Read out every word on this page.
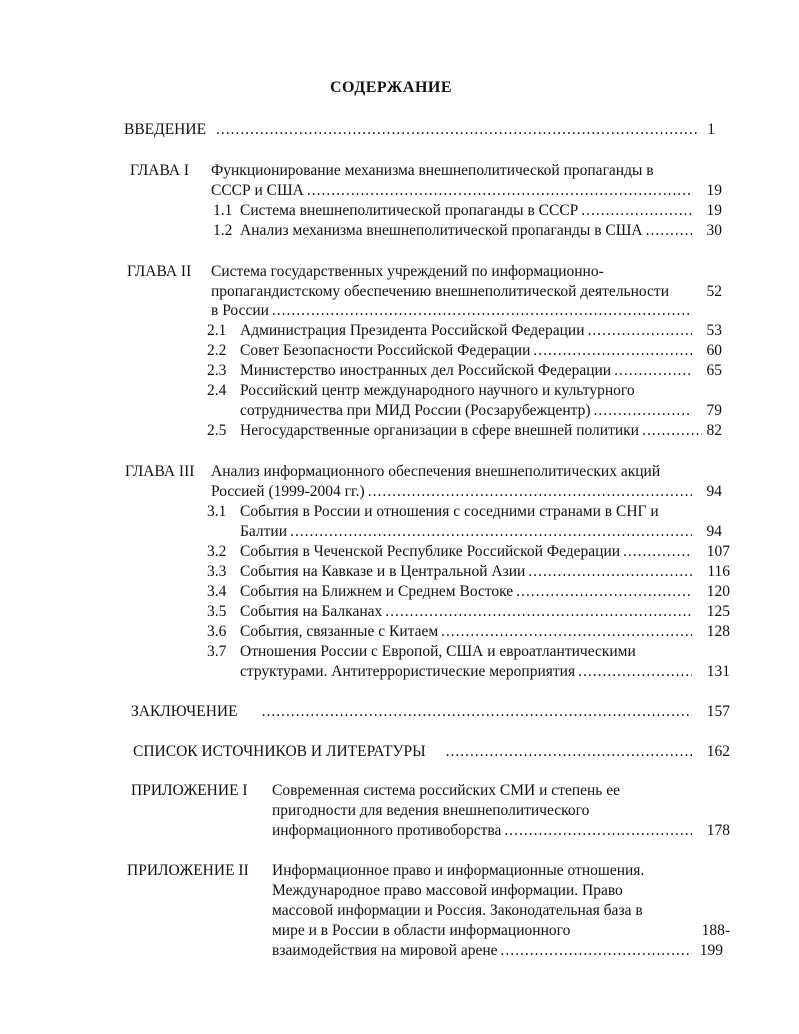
СОДЕРЖАНИЕ
ВВЕДЕНИЕ .....	1
ГЛАВА I Функционирование механизма внешнеполитической пропаганды в
СССР и США .....	19
1.1 Система внешнеполитической пропаганды в СССР .....	19
1.2 Анализ механизма внешнеполитической пропаганды в США .....	30
ГЛАВА II Система государственных учреждений по информационно-
пропагандистскому обеспечению внешнеполитической деятельности	52
в России
.....
2.1 Администрация Президента Российской Федерации .....	53
2.2 Совет Безопасности Российской Федерации .....	60
2.3 Министерство иностранных дел Российской Федерации .....	65
2.4 Российский центр международного научного и культурного
сотрудничества при МИД России (Росзарубежцентр) .....	79
2.5 Негосударственные организации в сфере внешней политики .....	82
ГЛАВА III Анализ информационного обеспечения внешнеполитических акций
Россией (1999-2004 гг.) .....	94
3.1 События в России и отношения с соседними странами в СНГ и
Балтии .....	94
3.2 События в Чеченской Республике Российской Федерации .....	107
3.3 События на Кавказе и в Центральной Азии .....	116
3.4 События на Ближнем и Среднем Востоке .....	120
3.5 События на Балканах .....	125
3.6 События, связанные с Китаем .....	128
3.7 Отношения России с Европой, США и евроатлантическими
структурами. Антитеррористические мероприятия .....	131
ЗАКЛЮЧЕНИЕ .....	157
СПИСОК ИСТОЧНИКОВ И ЛИТЕРАТУРЫ .....	162
ПРИЛОЖЕНИЕ I Современная система российских СМИ и степень ее
пригодности для ведения внешнеполитического
информационного противоборства .....	178
ПРИЛОЖЕНИЕ II Информационное право и информационные отношения.
Международное право массовой информации. Право
массовой информации и Россия. Законодательная база в
мире и в России в области информационного	188-
взаимодействия на мировой арене .....	199
